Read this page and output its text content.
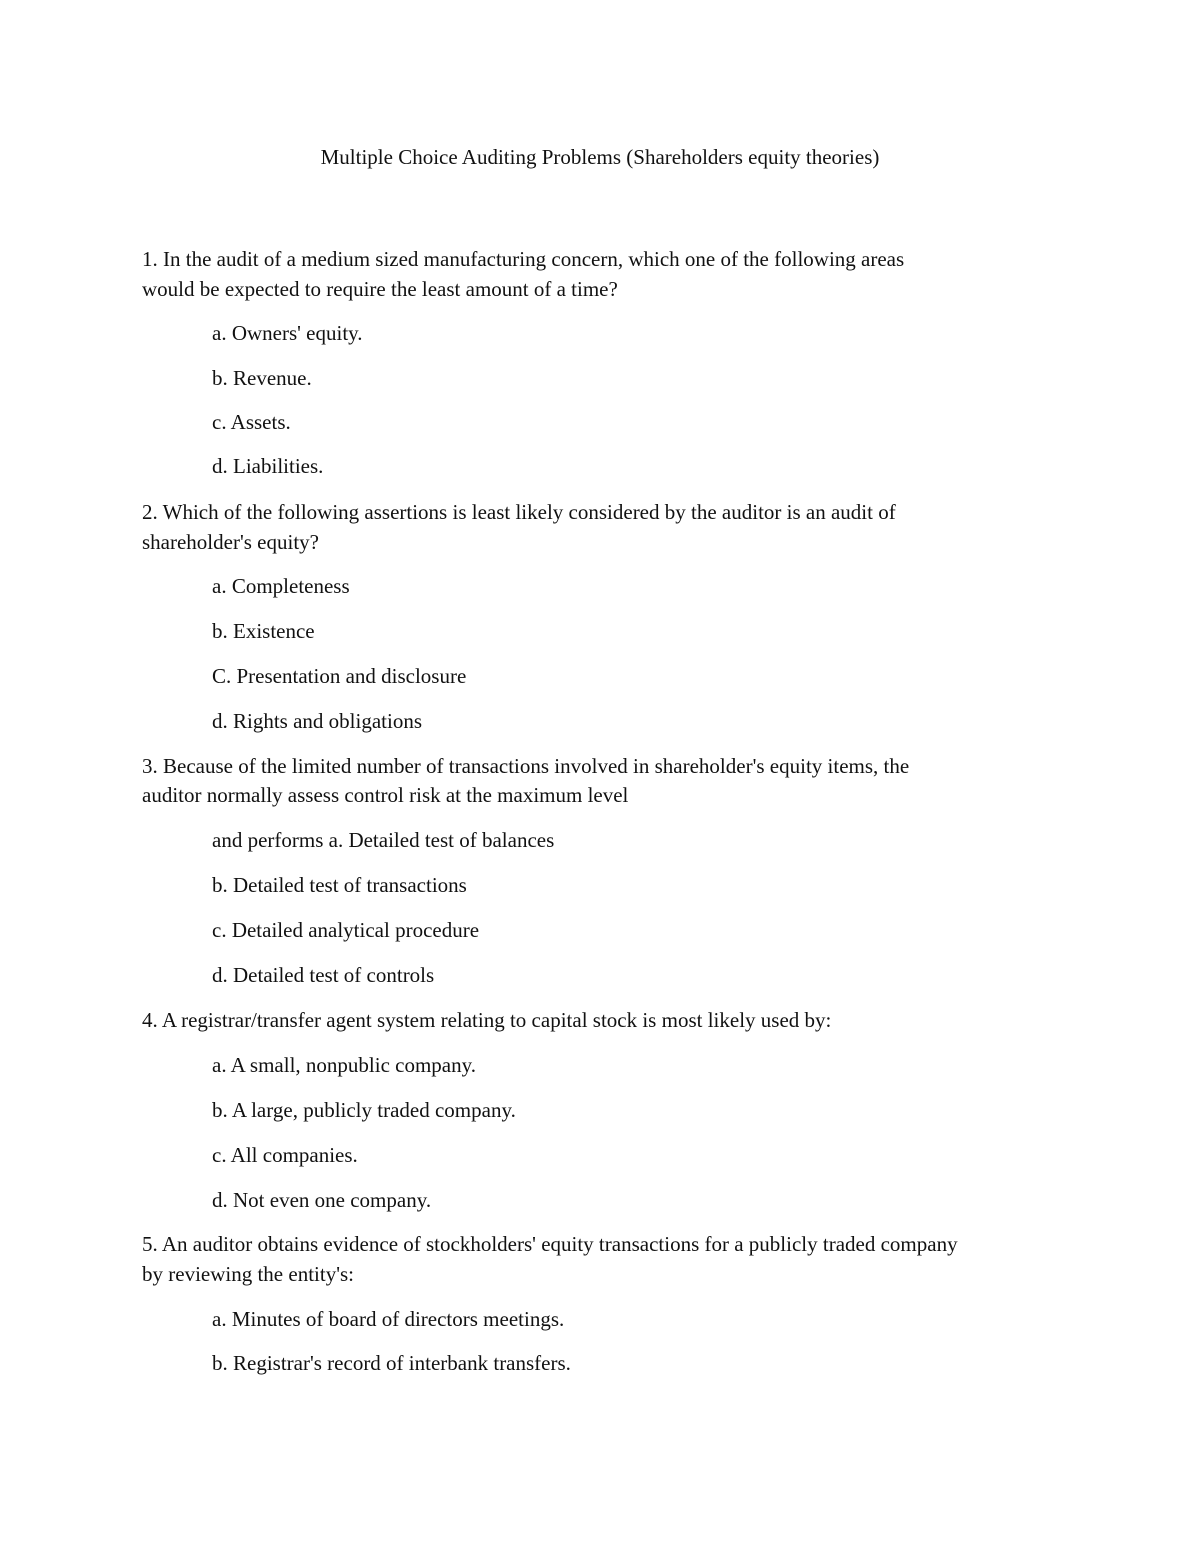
Multiple Choice Auditing Problems (Shareholders equity theories)
1. In the audit of a medium sized manufacturing concern, which one of the following areas
would be expected to require the least amount of a time?
a. Owners' equity.
b. Revenue.
c. Assets.
d. Liabilities.
2. Which of the following assertions is least likely considered by the auditor is an audit of
shareholder's equity?
a. Completeness
b. Existence
C. Presentation and disclosure
d. Rights and obligations
3. Because of the limited number of transactions involved in shareholder's equity items, the
auditor normally assess control risk at the maximum level
and performs a. Detailed test of balances
b. Detailed test of transactions
c. Detailed analytical procedure
d. Detailed test of controls
4. A registrar/transfer agent system relating to capital stock is most likely used by:
a. A small, nonpublic company.
b. A large, publicly traded company.
c. All companies.
d. Not even one company.
5. An auditor obtains evidence of stockholders' equity transactions for a publicly traded company
by reviewing the entity's:
a. Minutes of board of directors meetings.
b. Registrar's record of interbank transfers.
